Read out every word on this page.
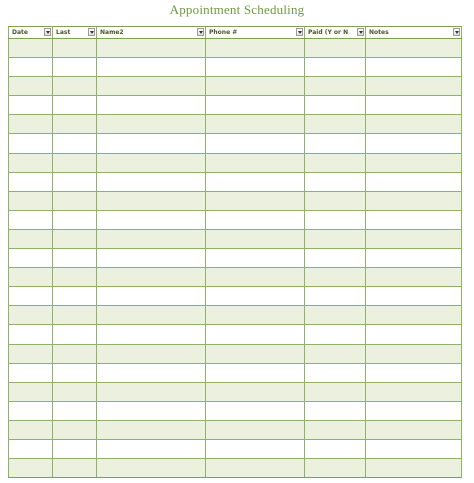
Appointment Scheduling
Date	Last	Name2	Phone #	Paid (Y or N	Notes
